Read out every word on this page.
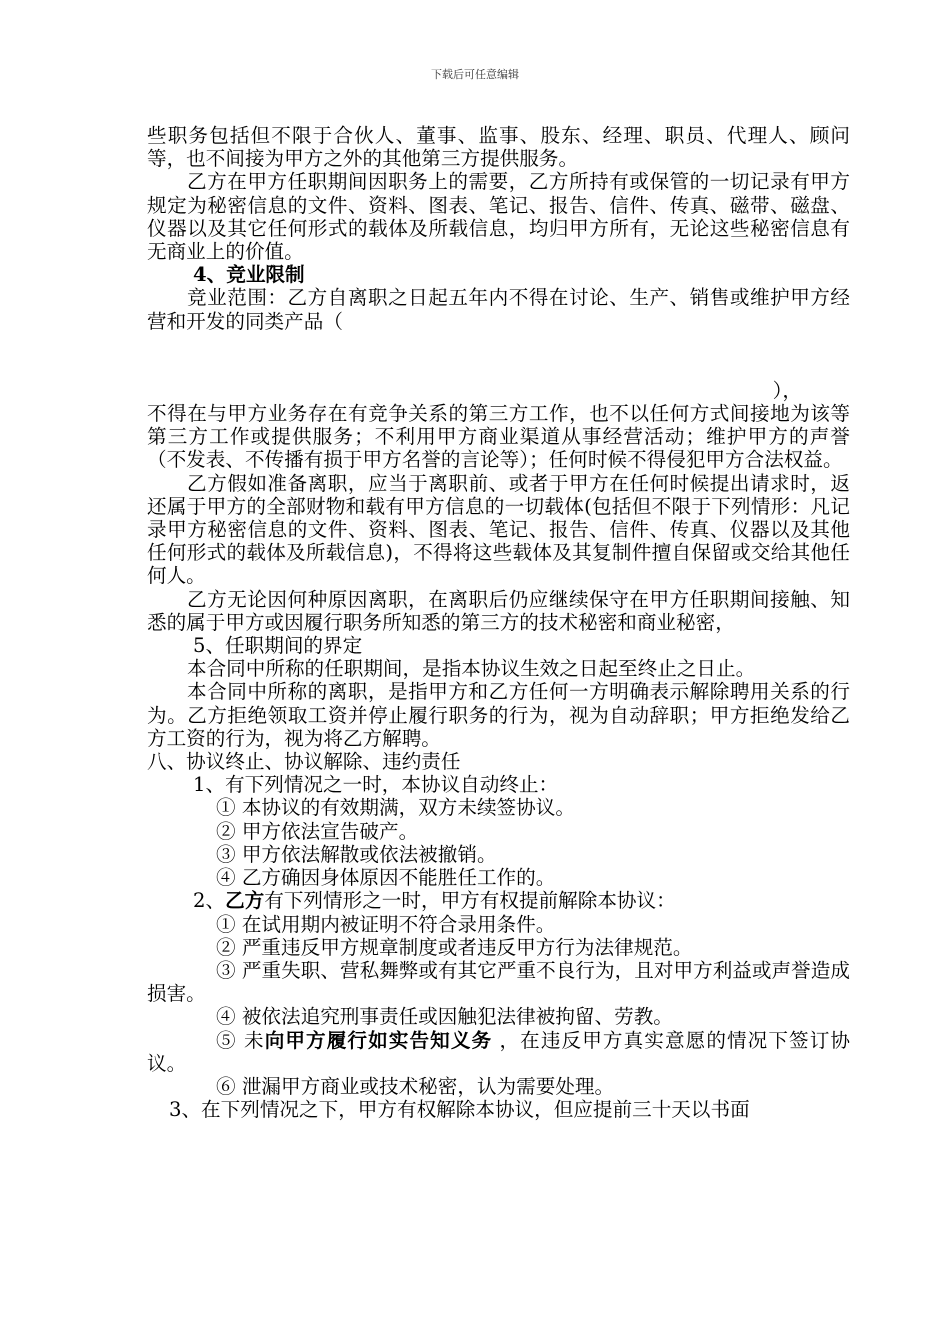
下载后可任意编辑

些职务包括但不限于合伙人、董事、监事、股东、经理、职员、代理人、顾问等，也不间接为甲方之外的其他第三方提供服务。

乙方在甲方任职期间因职务上的需要，乙方所持有或保管的一切记录有甲方规定为秘密信息的文件、资料、图表、笔记、报告、信件、传真、磁带、磁盘、仪器以及其它任何形式的载体及所载信息，均归甲方所有，无论这些秘密信息有无商业上的价值。

4、竞业限制

竞业范围：乙方自离职之日起五年内不得在讨论、生产、销售或维护甲方经营和开发的同类产品（

），

不得在与甲方业务存在有竞争关系的第三方工作，也不以任何方式间接地为该等第三方工作或提供服务；不利用甲方商业渠道从事经营活动；维护甲方的声誉（不发表、不传播有损于甲方名誉的言论等）；任何时候不得侵犯甲方合法权益。

乙方假如准备离职，应当于离职前、或者于甲方在任何时候提出请求时，返还属于甲方的全部财物和载有甲方信息的一切载体(包括但不限于下列情形：凡记录甲方秘密信息的文件、资料、图表、笔记、报告、信件、传真、仪器以及其他任何形式的载体及所载信息)，不得将这些载体及其复制件擅自保留或交给其他任何人。

乙方无论因何种原因离职，在离职后仍应继续保守在甲方任职期间接触、知悉的属于甲方或因履行职务所知悉的第三方的技术秘密和商业秘密，

5、任职期间的界定

本合同中所称的任职期间，是指本协议生效之日起至终止之日止。

本合同中所称的离职，是指甲方和乙方任何一方明确表示解除聘用关系的行为。乙方拒绝领取工资并停止履行职务的行为，视为自动辞职；甲方拒绝发给乙方工资的行为，视为将乙方解聘。

八、协议终止、协议解除、违约责任

1、有下列情况之一时，本协议自动终止：

① 本协议的有效期满，双方未续签协议。

② 甲方依法宣告破产。

③ 甲方依法解散或依法被撤销。

④ 乙方确因身体原因不能胜任工作的。

2、乙方有下列情形之一时，甲方有权提前解除本协议：

① 在试用期内被证明不符合录用条件。

② 严重违反甲方规章制度或者违反甲方行为法律规范。

③ 严重失职、营私舞弊或有其它严重不良行为，且对甲方利益或声誉造成损害。

④ 被依法追究刑事责任或因触犯法律被拘留、劳教。

⑤ 未向甲方履行如实告知义务 ，在违反甲方真实意愿的情况下签订协议。

⑥ 泄漏甲方商业或技术秘密，认为需要处理。

3、在下列情况之下，甲方有权解除本协议，但应提前三十天以书面
